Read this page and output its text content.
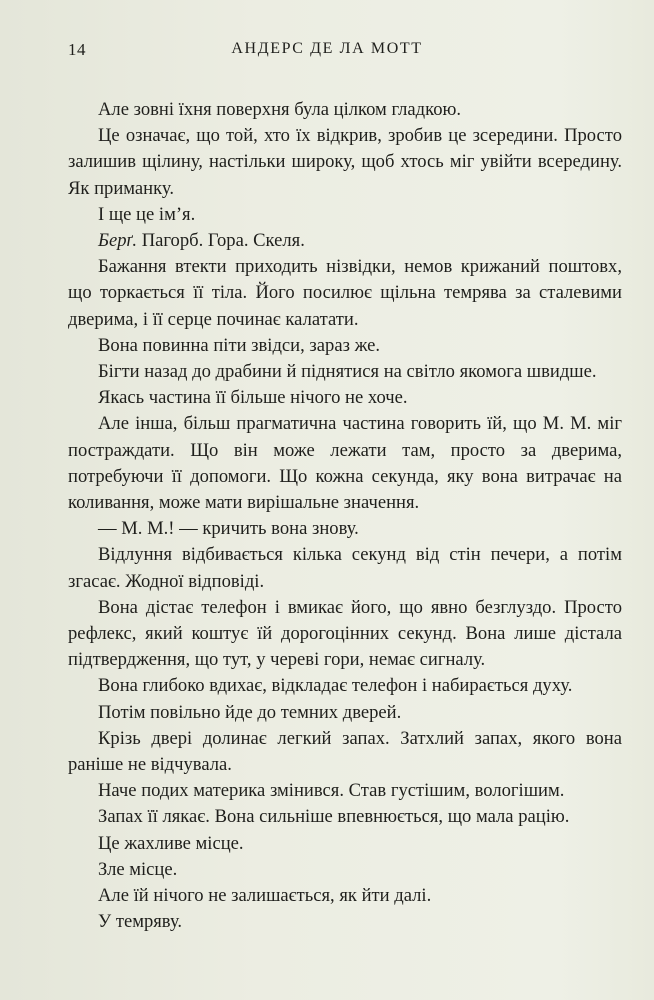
14	АНДЕРС ДЕ ЛА МОТТ

Але зовні їхня поверхня була цілком гладкою.

Це означає, що той, хто їх відкрив, зробив це зсередини. Просто залишив щілину, настільки широку, щоб хтось міг увійти всередину. Як приманку.

І ще це ім’я.

Берґ. Пагорб. Гора. Скеля.

Бажання втекти приходить нізвідки, немов крижаний поштовх, що торкається її тіла. Його посилює щільна темрява за сталевими дверима, і її серце починає калатати.

Вона повинна піти звідси, зараз же.

Бігти назад до драбини й піднятися на світло якомога швидше.

Якась частина її більше нічого не хоче.

Але інша, більш прагматична частина говорить їй, що М. М. міг постраждати. Що він може лежати там, просто за дверима, потребуючи її допомоги. Що кожна секунда, яку вона витрачає на коливання, може мати вирішальне значення.

— М. М.! — кричить вона знову.

Відлуння відбивається кілька секунд від стін печери, а потім згасає. Жодної відповіді.

Вона дістає телефон і вмикає його, що явно безглуздо. Просто рефлекс, який коштує їй дорогоцінних секунд. Вона лише дістала підтвердження, що тут, у череві гори, немає сигналу.

Вона глибоко вдихає, відкладає телефон і набирається духу.

Потім повільно йде до темних дверей.

Крізь двері долинає легкий запах. Затхлий запах, якого вона раніше не відчувала.

Наче подих материка змінився. Став густішим, вологішим.

Запах її лякає. Вона сильніше впевнюється, що мала рацію.

Це жахливе місце.

Зле місце.

Але їй нічого не залишається, як йти далі.

У темряву.
